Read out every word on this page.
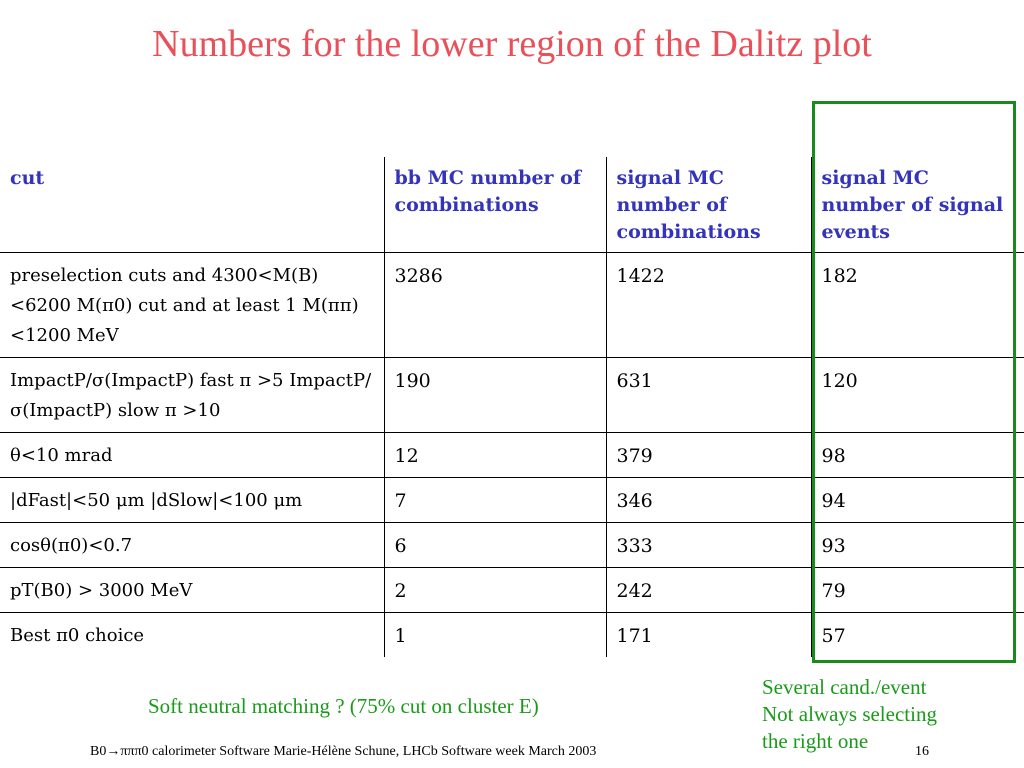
Numbers for the lower region of the Dalitz plot
cut	bb MC number of combinations	signal MC number of combinations	signal MC number of signal events
preselection cuts and 4300<M(B)<6200 M(π0) cut and at least 1 M(ππ)<1200 MeV	3286	1422	182
ImpactP/σ(ImpactP) fast π >5 ImpactP/σ(ImpactP) slow π >10	190	631	120
θ<10 mrad	12	379	98
|dFast|<50 μm |dSlow|<100 μm	7	346	94
cosθ(π0)<0.7	6	333	93
pT(B0) > 3000 MeV	2	242	79
Best π0 choice	1	171	57
Soft neutral matching ? (75% cut on cluster E)
Several cand./event
Not always selecting
the right one
B0→πππ0 calorimeter Software Marie-Hélène Schune, LHCb Software week March 2003	16
